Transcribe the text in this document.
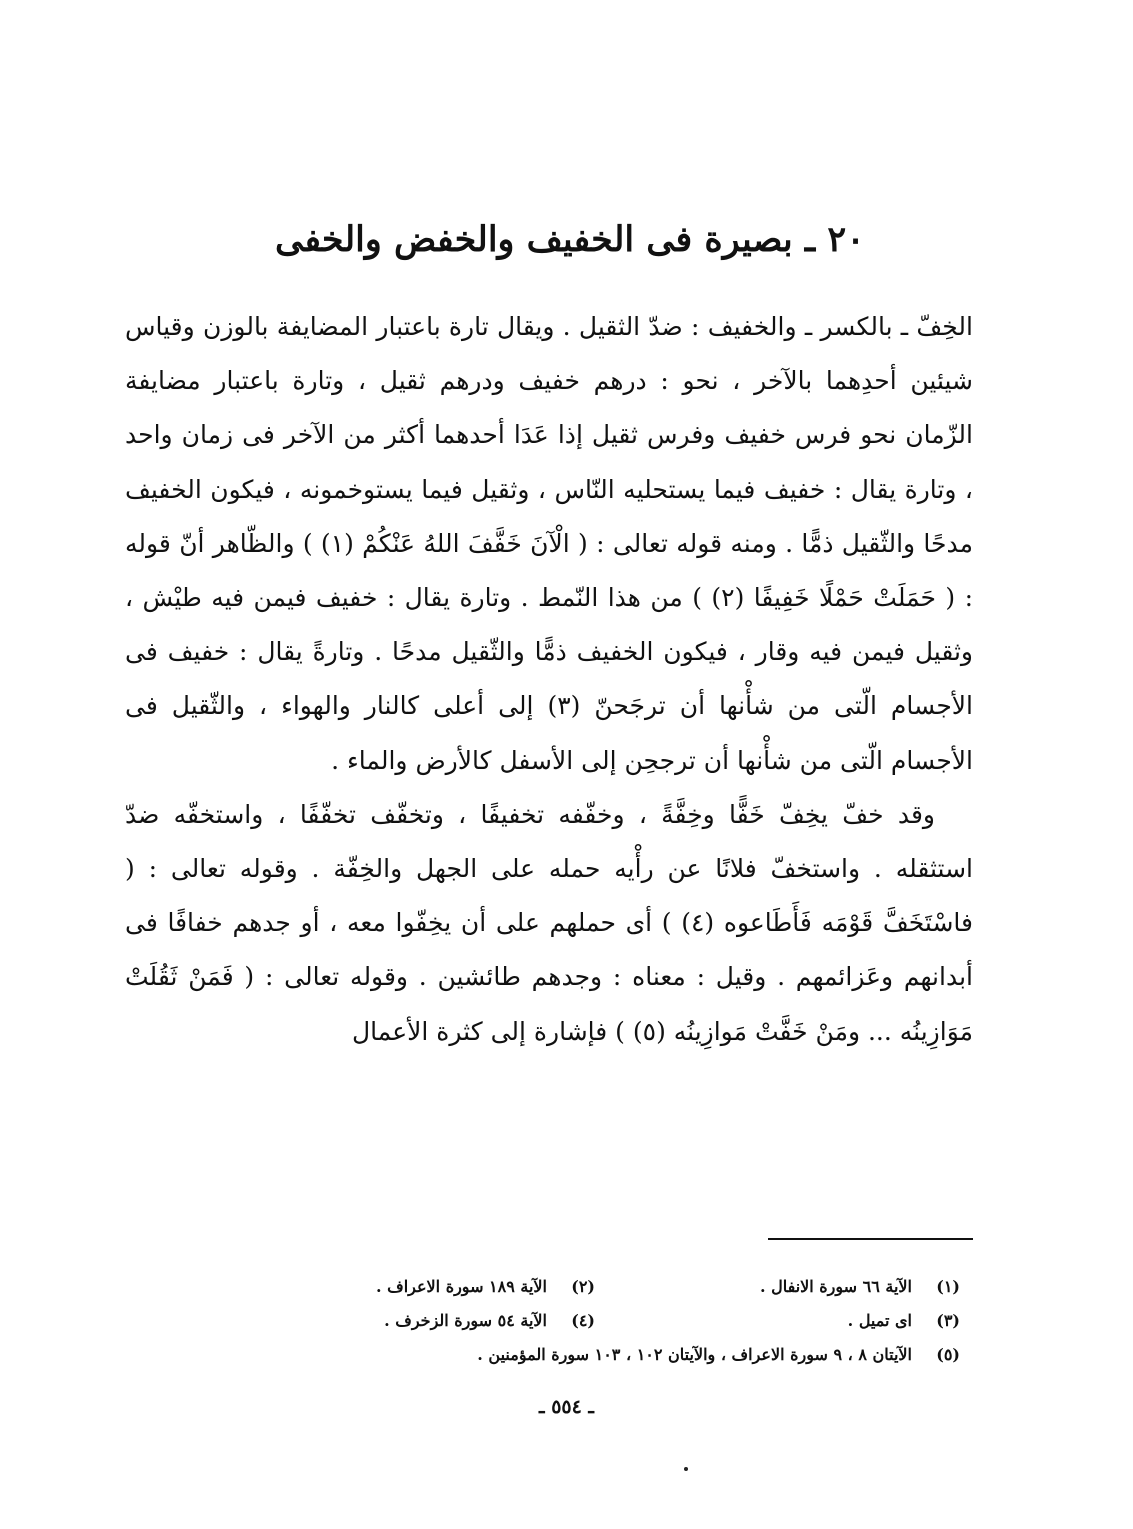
٢٠ ـ بصيرة فى الخفيف والخفض والخفى

الخِفّ ـ بالكسر ـ والخفيف : ضدّ الثقيل . ويقال تارة باعتبار المضايفة بالوزن وقياس شيئين أحدِهما بالآخر ، نحو : درهم خفيف ودرهم ثقيل ، وتارة باعتبار مضايفة الزّمان نحو فرس خفيف وفرس ثقيل إذا عَدَا أحدهما أكثر من الآخر فى زمان واحد ، وتارة يقال : خفيف فيما يستحليه النّاس ، وثقيل فيما يستوخمونه ، فيكون الخفيف مدحًا والثّقيل ذمًّا . ومنه قوله تعالى : ( الْآنَ خَفَّفَ اللهُ عَنْكُمْ (١) ) والظّاهر أنّ قوله : ( حَمَلَتْ حَمْلًا خَفِيفًا (٢) ) من هذا النّمط . وتارة يقال : خفيف فيمن فيه طيْش ، وثقيل فيمن فيه وقار ، فيكون الخفيف ذمًّا والثّقيل مدحًا . وتارةً يقال : خفيف فى الأجسام الّتى من شأْنها أن ترجَحنّ (٣) إلى أعلى كالنار والهواء ، والثّقيل فى الأجسام الّتى من شأْنها أن ترجحِن إلى الأسفل كالأرض والماء .

وقد خفّ يخِفّ خَفًّا وخِفَّةً ، وخفّفه تخفيفًا ، وتخفّف تخفّفًا ، واستخفّه ضدّ استثقله . واستخفّ فلانًا عن رأْيه حمله على الجهل والخِفّة . وقوله تعالى : ( فاسْتَخَفَّ قَوْمَه فَأَطَاعوه (٤) ) أى حملهم على أن يخِفّوا معه ، أو جدهم خفافًا فى أبدانهم وعَزائمهم . وقيل : معناه : وجدهم طائشين . وقوله تعالى : ( فَمَنْ ثَقُلَتْ مَوَازِينُه ... ومَنْ خَفَّتْ مَوازِينُه (٥) ) فإشارة إلى كثرة الأعمال

(١)
الآية ٦٦ سورة الانفال .
(٢)
الآية ١٨٩ سورة الاعراف .
(٣)
اى تميل .
(٤)
الآية ٥٤ سورة الزخرف .
(٥)
الآيتان ٨ ، ٩ سورة الاعراف ، والآيتان ١٠٢ ، ١٠٣ سورة المؤمنين .
ـ ٥٥٤ ـ
